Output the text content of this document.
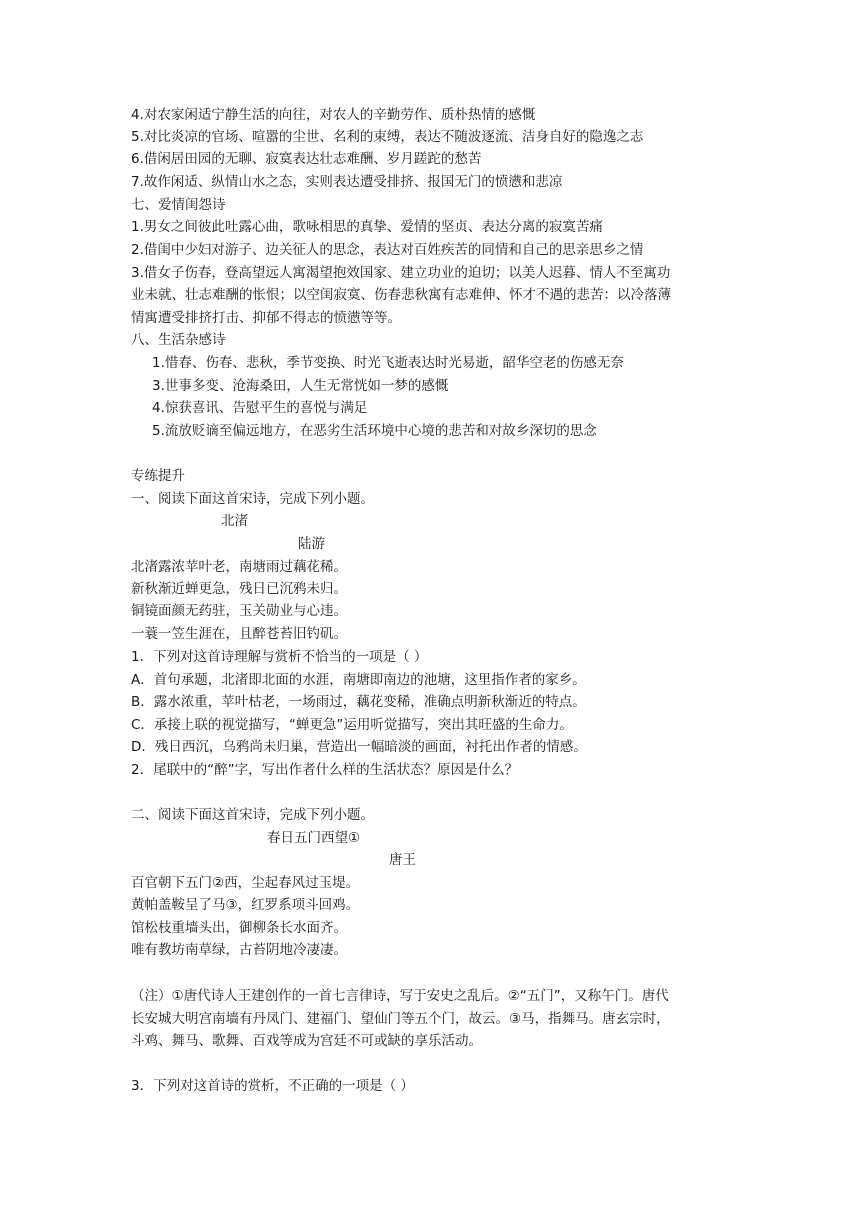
4.对农家闲适宁静生活的向往，对农人的辛勤劳作、质朴热情的感慨
5.对比炎凉的官场、喧嚣的尘世、名利的束缚，表达不随波逐流、洁身自好的隐逸之志
6.借闲居田园的无聊、寂寞表达壮志难酬、岁月蹉跎的愁苦
7.故作闲适、纵情山水之态，实则表达遭受排挤、报国无门的愤懑和悲凉
七、爱情闺怨诗
1.男女之间彼此吐露心曲，歌咏相思的真挚、爱情的坚贞、表达分离的寂寞苦痛
2.借闺中少妇对游子、边关征人的思念，表达对百姓疾苦的同情和自己的思亲思乡之情
3.借女子伤春，登高望远人寓渴望抱效国家、建立功业的迫切；以美人迟暮、情人不至寓功
业未就、壮志难酬的怅恨；以空闺寂寞、伤春悲秋寓有志难伸、怀才不遇的悲苦：以冷落薄
情寓遭受排挤打击、抑郁不得志的愤懑等等。
八、生活杂感诗
1.惜春、伤春、悲秋，季节变换、时光飞逝表达时光易逝，韶华空老的伤感无奈
3.世事多变、沧海桑田，人生无常恍如一梦的感慨
4.惊获喜讯、告慰平生的喜悦与满足
5.流放贬谪至偏远地方，在恶劣生活环境中心境的悲苦和对故乡深切的思念
专练提升
一、阅读下面这首宋诗，完成下列小题。
北渚
陆游
北渚露浓苹叶老，南塘雨过藕花稀。
新秋渐近蝉更急，残日已沉鸦未归。
铜镜面颜无药驻，玉关勋业与心违。
一蓑一笠生涯在，且醉苍苔旧钓矶。
1．下列对这首诗理解与赏析不恰当的一项是（ ）
A．首句承题，北渚即北面的水涯，南塘即南边的池塘，这里指作者的家乡。
B．露水浓重，苹叶枯老，一场雨过，藕花变稀，准确点明新秋渐近的特点。
C．承接上联的视觉描写，“蝉更急”运用听觉描写，突出其旺盛的生命力。
D．残日西沉，乌鸦尚未归巢，营造出一幅暗淡的画面，衬托出作者的情感。
2．尾联中的“醉”字，写出作者什么样的生活状态？原因是什么？
二、阅读下面这首宋诗，完成下列小题。
春日五门西望①
唐王
百官朝下五门②西，尘起春风过玉堤。
黄帕盖鞍呈了马③，红罗系项斗回鸡。
馆松枝重墙头出，御柳条长水面齐。
唯有教坊南草绿，古苔阴地冷凄凄。
（注）①唐代诗人王建创作的一首七言律诗，写于安史之乱后。②“五门”，又称午门。唐代
长安城大明宫南墙有丹凤门、建福门、望仙门等五个门，故云。③马，指舞马。唐玄宗时，
斗鸡、舞马、歌舞、百戏等成为宫廷不可或缺的享乐活动。
3．下列对这首诗的赏析，不正确的一项是（ ）
